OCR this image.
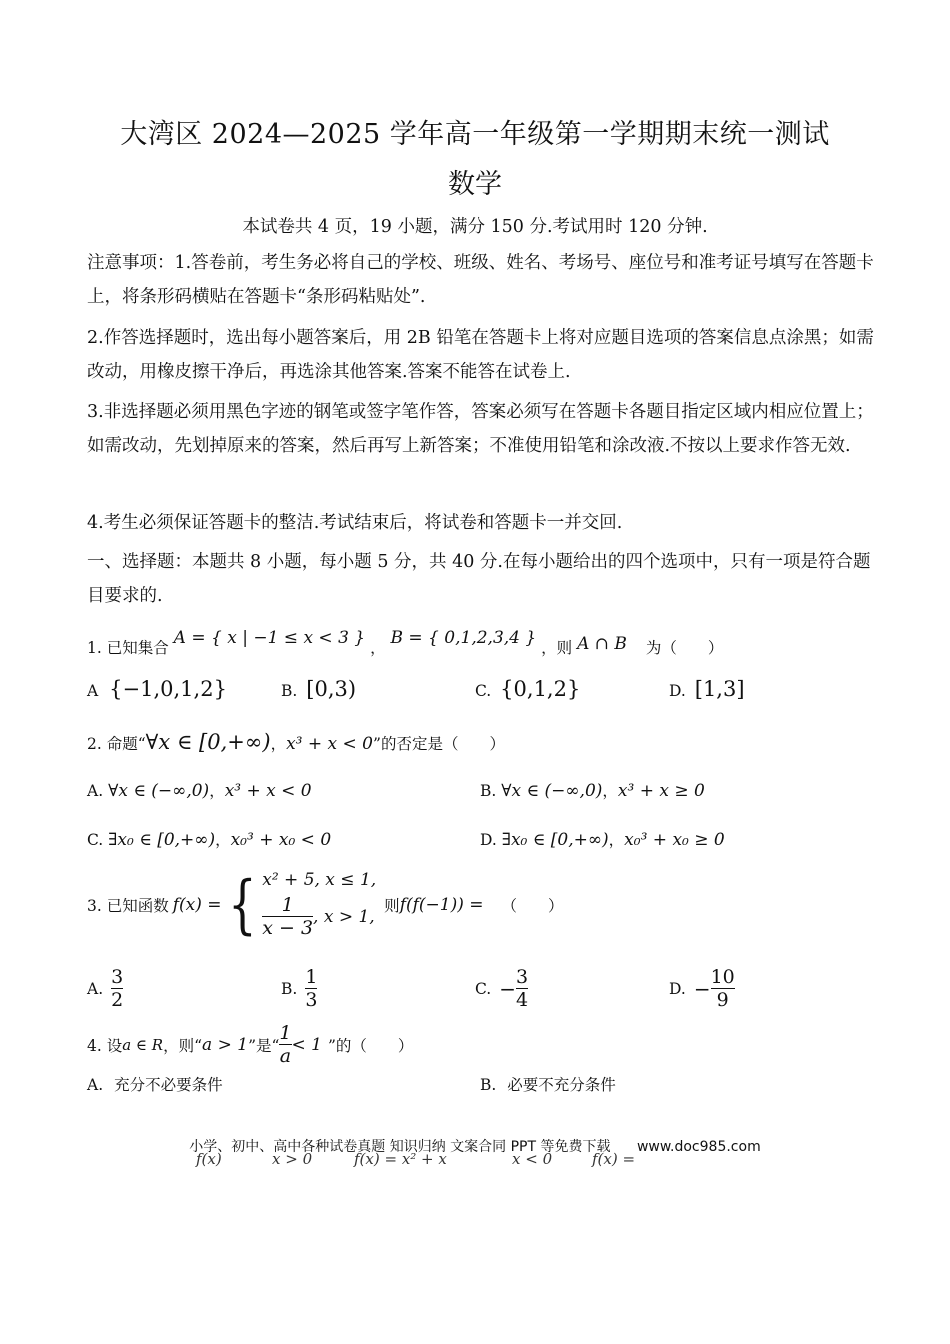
大湾区 2024—2025 学年高一年级第一学期期末统一测试
数学
本试卷共 4 页，19 小题，满分 150 分.考试用时 120 分钟.
注意事项：1.答卷前，考生务必将自己的学校、班级、姓名、考场号、座位号和准考证号填写在答题卡上，将条形码横贴在答题卡“条形码粘贴处”.
2.作答选择题时，选出每小题答案后，用 2B 铅笔在答题卡上将对应题目选项的答案信息点涂黑；如需改动，用橡皮擦干净后，再选涂其他答案.答案不能答在试卷上.
3.非选择题必须用黑色字迹的钢笔或签字笔作答，答案必须写在答题卡各题目指定区域内相应位置上；如需改动，先划掉原来的答案，然后再写上新答案；不准使用铅笔和涂改液.不按以上要求作答无效.
4.考生必须保证答题卡的整洁.考试结束后，将试卷和答题卡一并交回.
一、选择题：本题共 8 小题，每小题 5 分，共 40 分.在每小题给出的四个选项中，只有一项是符合题目要求的.
1. 已知集合 A = { x | −1 ≤ x < 3 } ， B = { 0,1,2,3,4 } ，则 A ∩ B 为（　　）
A {−1,0,1,2}	B. [0,3)	C. {0,1,2}	D. [1,3]
2. 命题“∀x ∈ [0,+∞)，x³ + x < 0”的否定是（　　）
A. ∀x ∈ (−∞,0)，x³ + x < 0	B. ∀x ∈ (−∞,0)，x³ + x ≥ 0
C. ∃x₀ ∈ [0,+∞)，x₀³ + x₀ < 0	D. ∃x₀ ∈ [0,+∞)，x₀³ + x₀ ≥ 0
3. 已知函数 f(x) = { x² + 5, x ≤ 1,
$\frac{1}{x - 3}$ , x > 1,
则 f(f(−1)) = （　　）
A. $\frac{3}{2}$	B. $\frac{1}{3}$	C. − $\frac{3}{4}$	D. − $\frac{10}{9}$
4. 设 a ∈ R ，则“ a > 1 ”是“ $\frac{1}{a} < 1$ ”的（　　）
A. 充分不必要条件	B. 必要不充分条件
小学、初中、高中各种试卷真题 知识归纳 文案合同 PPT 等免费下载 www.doc985.com
f(x)	x > 0	f(x) = x² + x	x < 0	f(x) =
